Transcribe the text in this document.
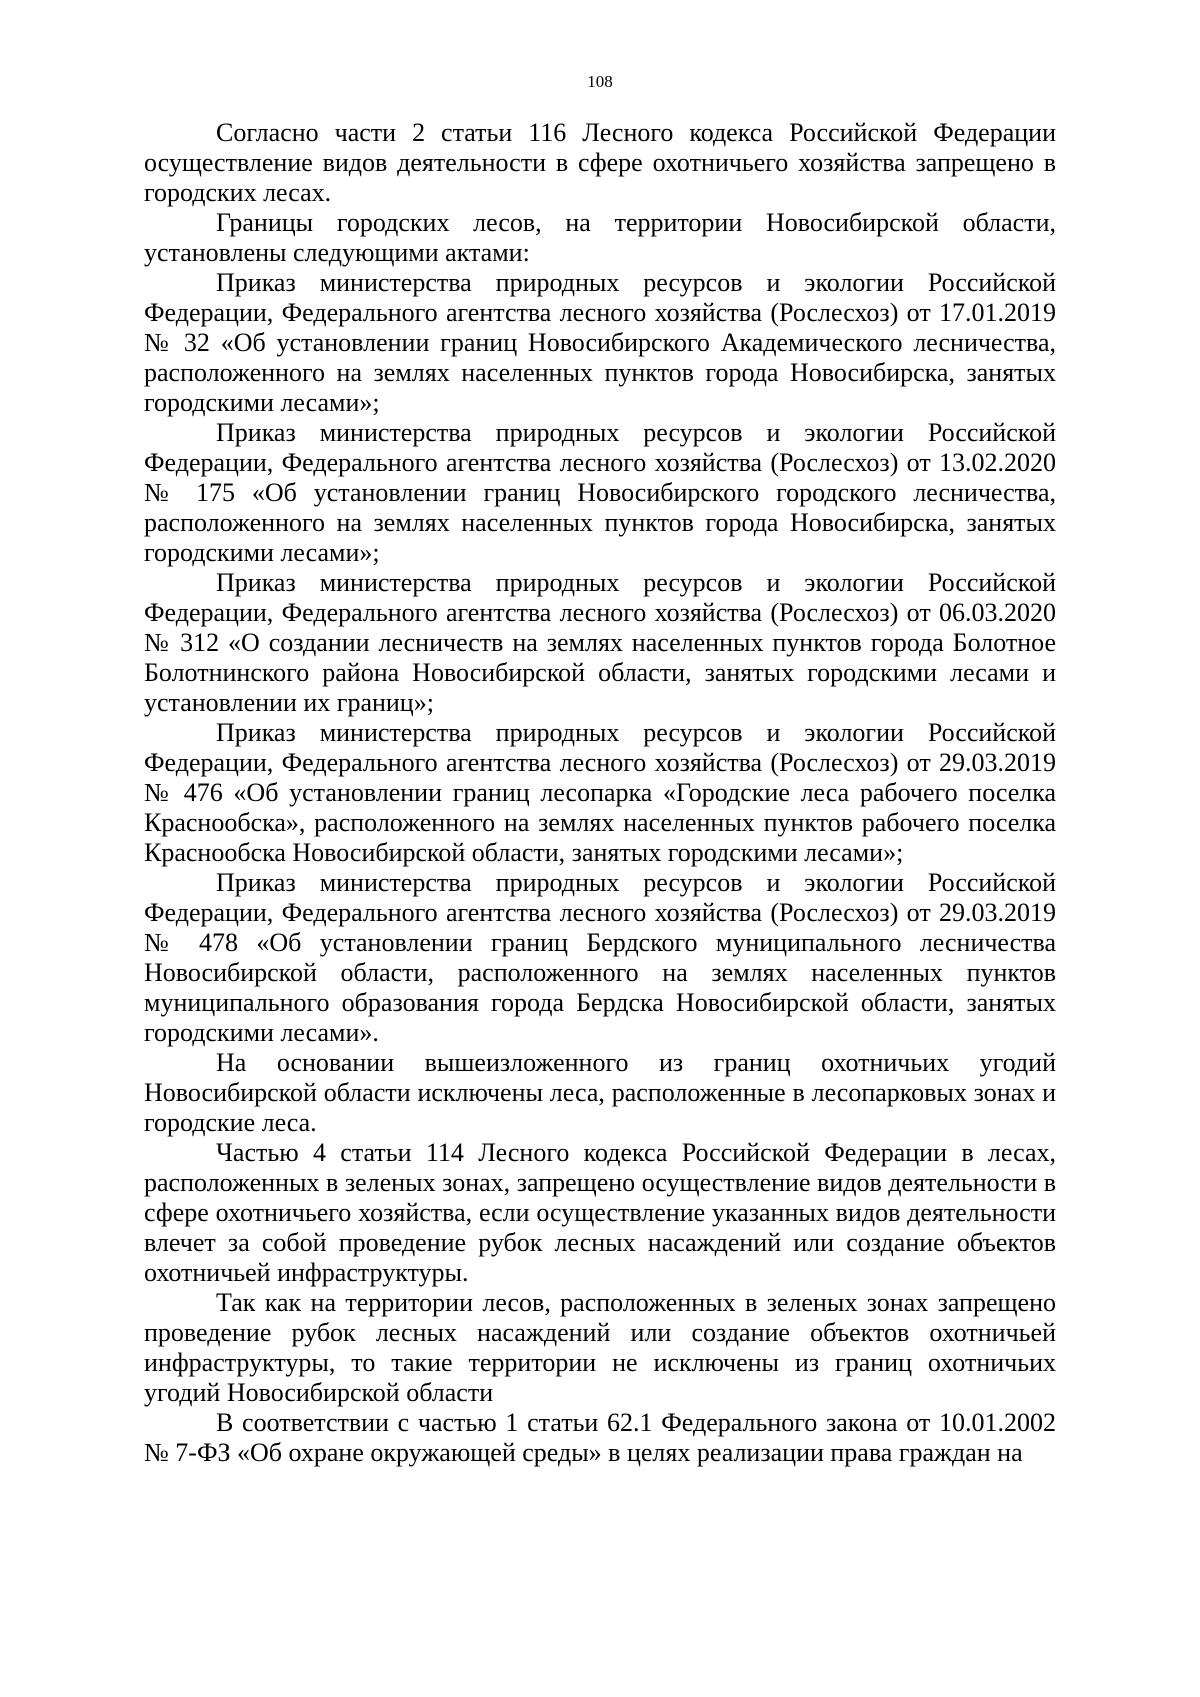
108

Согласно части 2 статьи 116 Лесного кодекса Российской Федерации осуществление видов деятельности в сфере охотничьего хозяйства запрещено в городских лесах.

Границы городских лесов, на территории Новосибирской области, установлены следующими актами:

Приказ министерства природных ресурсов и экологии Российской Федерации, Федерального агентства лесного хозяйства (Рослесхоз) от 17.01.2019 № 32 «Об установлении границ Новосибирского Академического лесничества, расположенного на землях населенных пунктов города Новосибирска, занятых городскими лесами»;

Приказ министерства природных ресурсов и экологии Российской Федерации, Федерального агентства лесного хозяйства (Рослесхоз) от 13.02.2020 № 175 «Об установлении границ Новосибирского городского лесничества, расположенного на землях населенных пунктов города Новосибирска, занятых городскими лесами»;

Приказ министерства природных ресурсов и экологии Российской Федерации, Федерального агентства лесного хозяйства (Рослесхоз) от 06.03.2020 № 312 «О создании лесничеств на землях населенных пунктов города Болотное Болотнинского района Новосибирской области, занятых городскими лесами и установлении их границ»;

Приказ министерства природных ресурсов и экологии Российской Федерации, Федерального агентства лесного хозяйства (Рослесхоз) от 29.03.2019 № 476 «Об установлении границ лесопарка «Городские леса рабочего поселка Краснообска», расположенного на землях населенных пунктов рабочего поселка Краснообска Новосибирской области, занятых городскими лесами»;

Приказ министерства природных ресурсов и экологии Российской Федерации, Федерального агентства лесного хозяйства (Рослесхоз) от 29.03.2019 № 478 «Об установлении границ Бердского муниципального лесничества Новосибирской области, расположенного на землях населенных пунктов муниципального образования города Бердска Новосибирской области, занятых городскими лесами».

На основании вышеизложенного из границ охотничьих угодий Новосибирской области исключены леса, расположенные в лесопарковых зонах и городские леса.

Частью 4 статьи 114 Лесного кодекса Российской Федерации в лесах, расположенных в зеленых зонах, запрещено осуществление видов деятельности в сфере охотничьего хозяйства, если осуществление указанных видов деятельности влечет за собой проведение рубок лесных насаждений или создание объектов охотничьей инфраструктуры.

Так как на территории лесов, расположенных в зеленых зонах запрещено проведение рубок лесных насаждений или создание объектов охотничьей инфраструктуры, то такие территории не исключены из границ охотничьих угодий Новосибирской области

В соответствии с частью 1 статьи 62.1 Федерального закона от 10.01.2002 № 7-ФЗ «Об охране окружающей среды» в целях реализации права граждан на
